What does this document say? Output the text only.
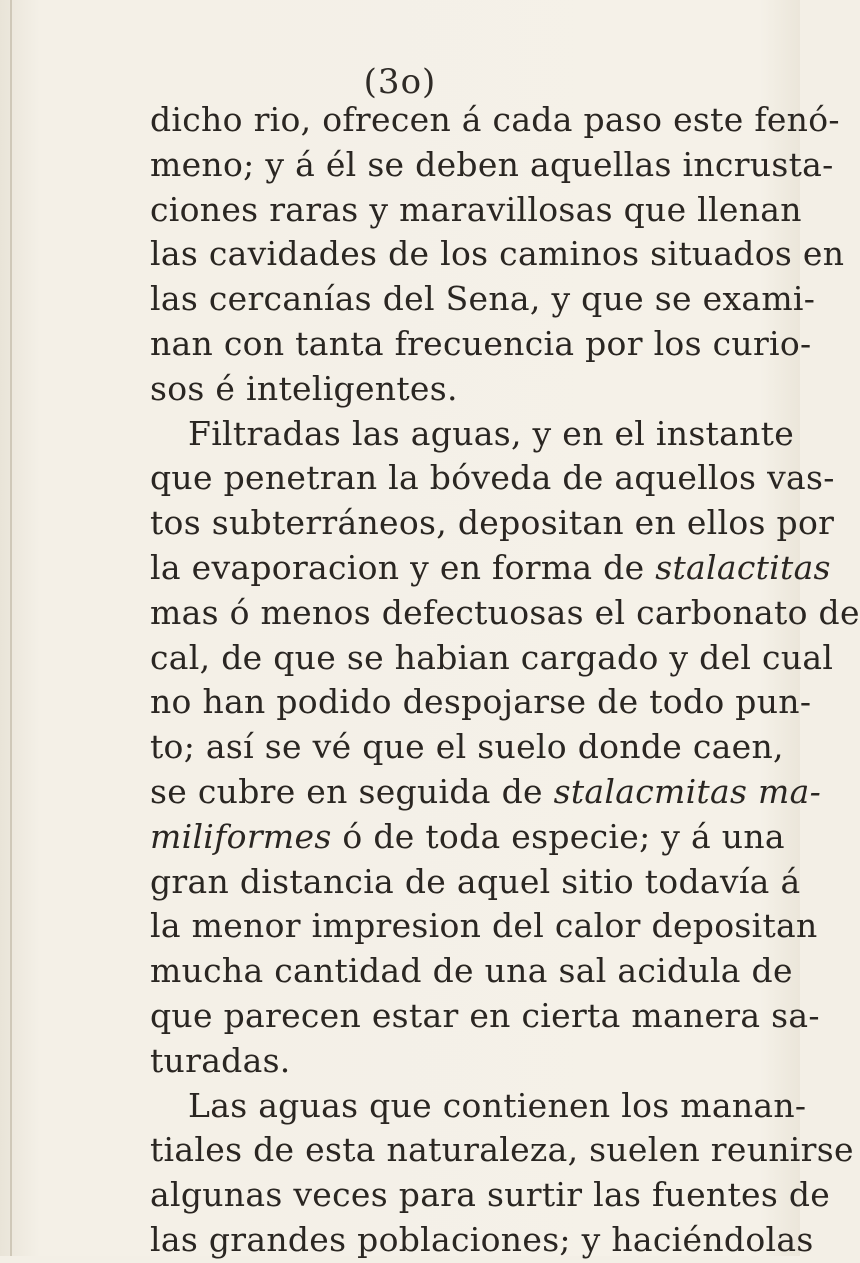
(3o)
dicho rio, ofrecen á cada paso este fenó-
meno; y á él se deben aquellas incrusta-
ciones raras y maravillosas que llenan
las cavidades de los caminos situados en
las cercanías del Sena, y que se exami-
nan con tanta frecuencia por los curio-
sos é inteligentes.
Filtradas las aguas, y en el instante
que penetran la bóveda de aquellos vas-
tos subterráneos, depositan en ellos por
la evaporacion y en forma de stalactitas
mas ó menos defectuosas el carbonato de
cal, de que se habian cargado y del cual
no han podido despojarse de todo pun-
to; así se vé que el suelo donde caen,
se cubre en seguida de stalacmitas ma-
miliformes ó de toda especie; y á una
gran distancia de aquel sitio todavía á
la menor impresion del calor depositan
mucha cantidad de una sal acidula de
que parecen estar en cierta manera sa-
turadas.
Las aguas que contienen los manan-
tiales de esta naturaleza, suelen reunirse
algunas veces para surtir las fuentes de
las grandes poblaciones; y haciéndolas
